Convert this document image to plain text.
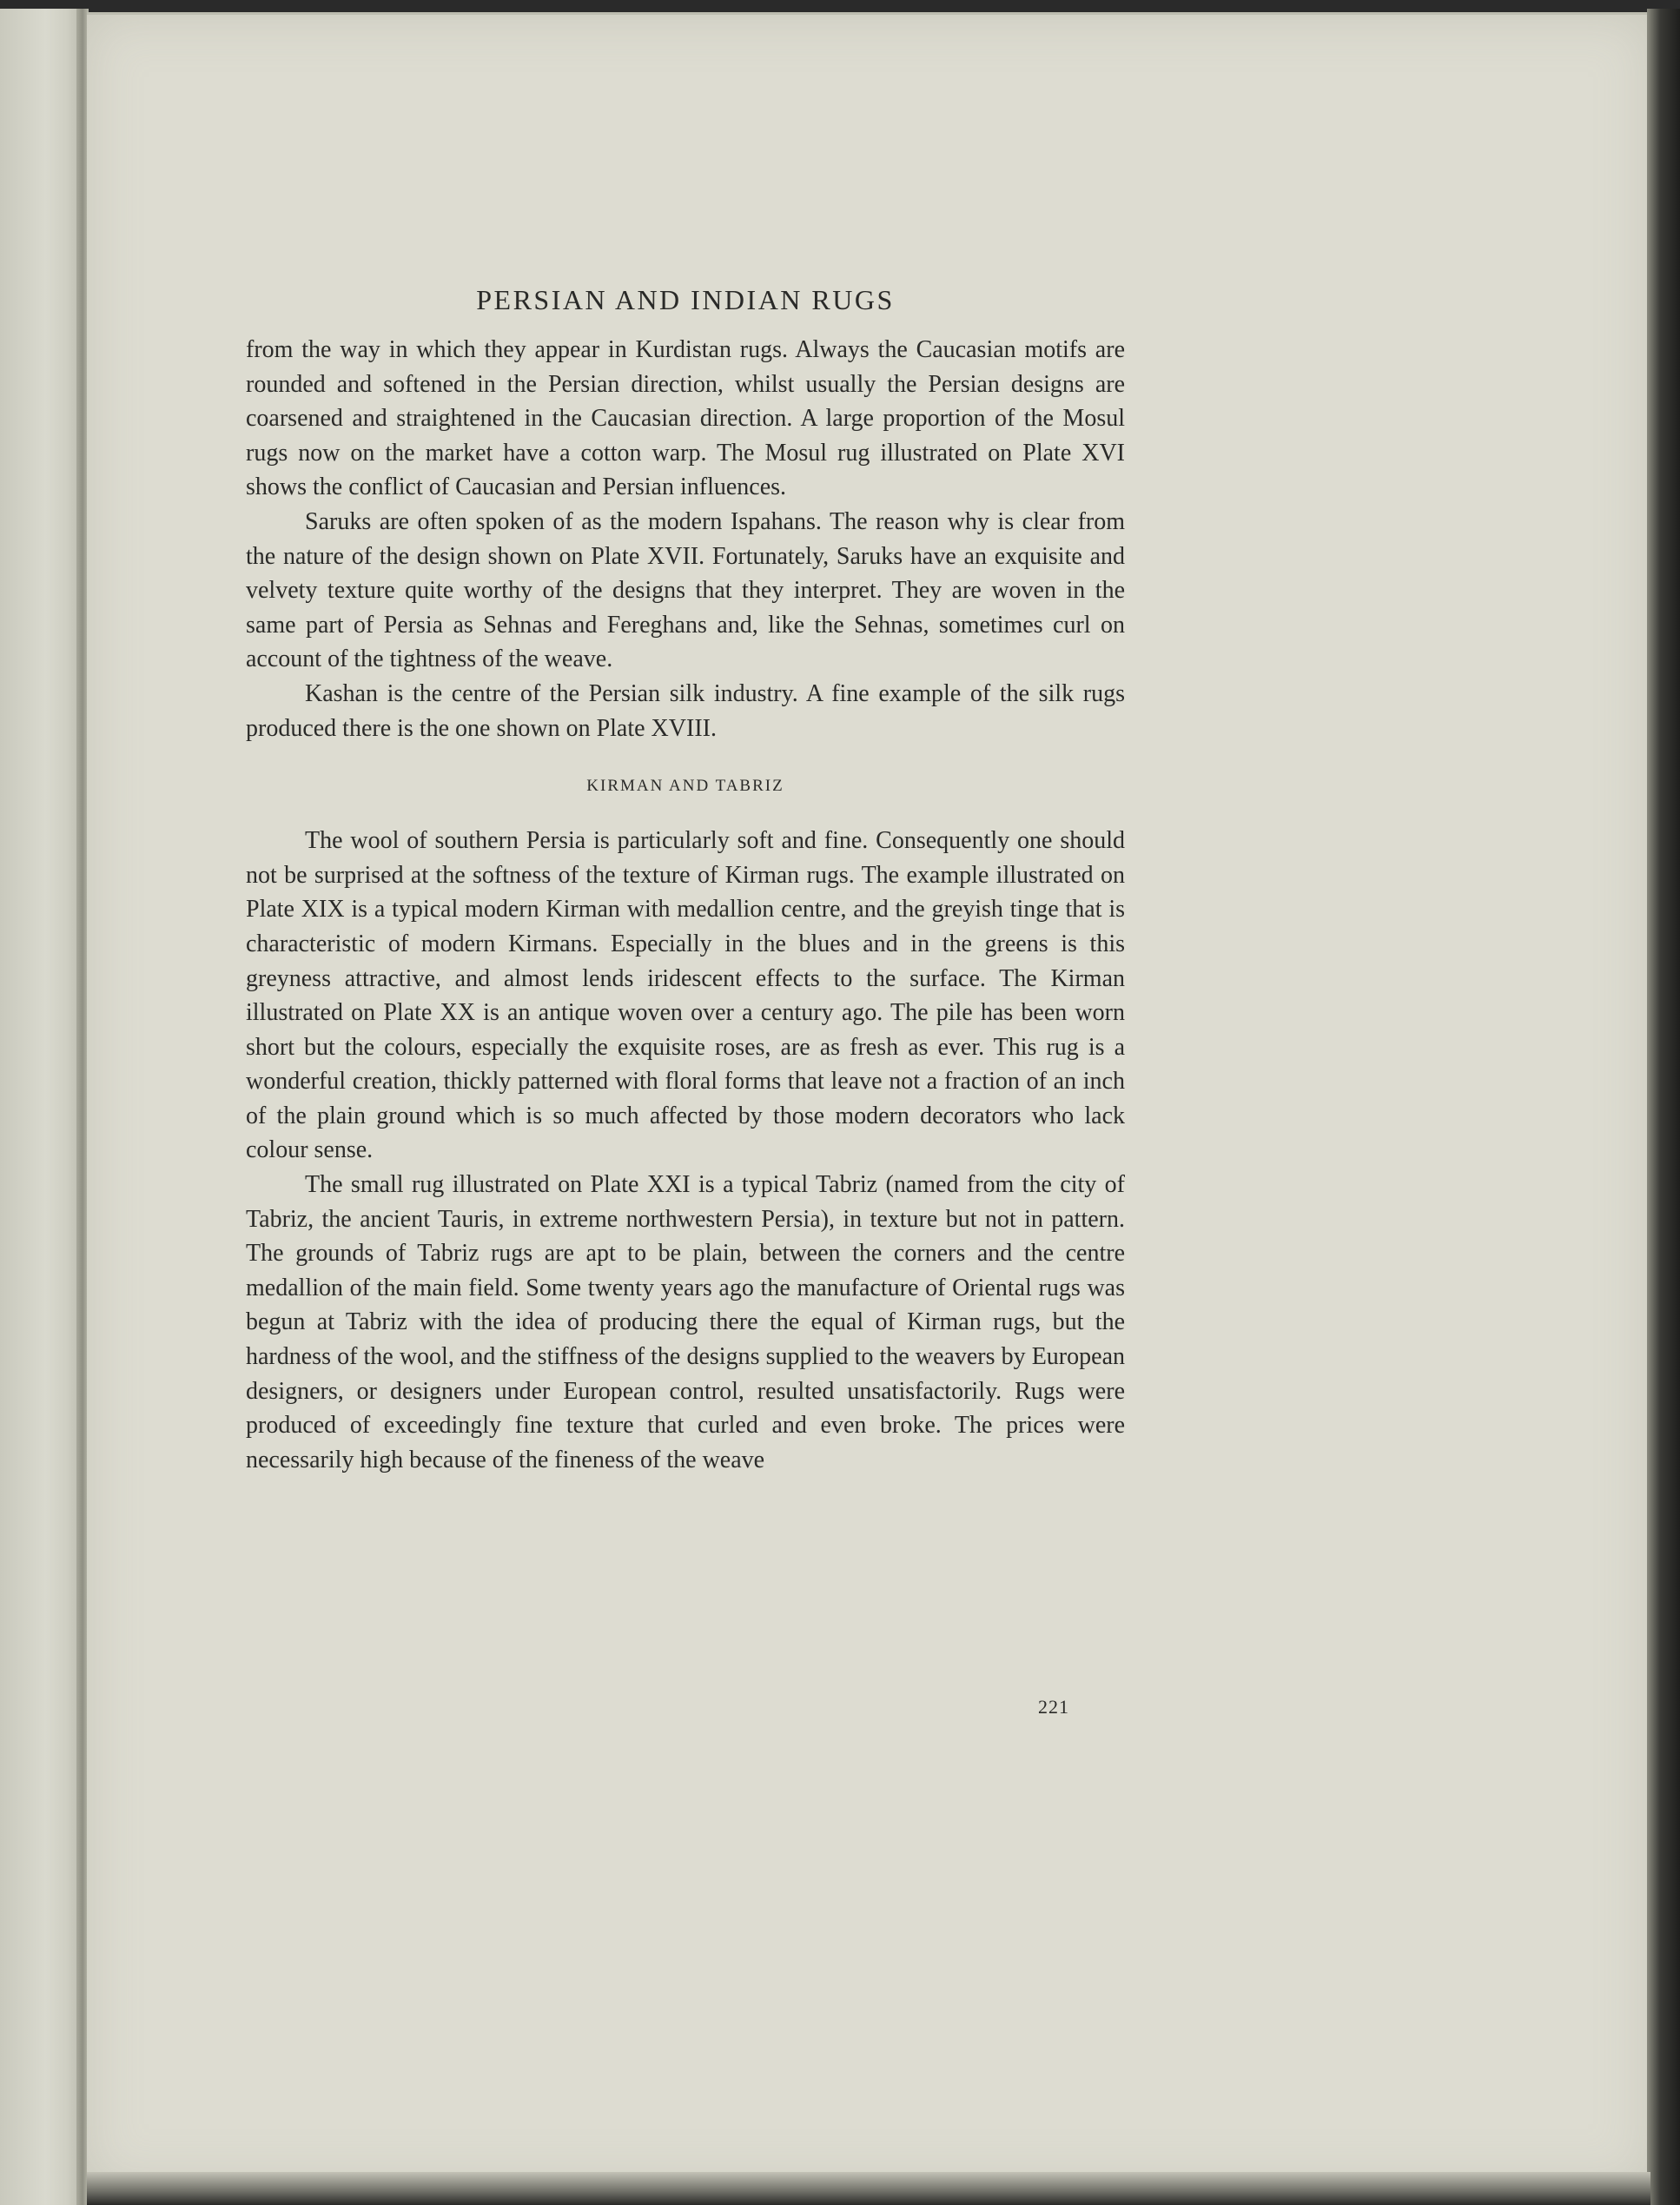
PERSIAN AND INDIAN RUGS

from the way in which they appear in Kurdistan rugs. Always the Caucasian motifs are rounded and softened in the Persian direction, whilst usually the Persian designs are coarsened and straightened in the Caucasian direction. A large proportion of the Mosul rugs now on the market have a cotton warp. The Mosul rug illustrated on Plate XVI shows the conflict of Caucasian and Persian influences.

Saruks are often spoken of as the modern Ispahans. The reason why is clear from the nature of the design shown on Plate XVII. Fortunately, Saruks have an exquisite and velvety texture quite worthy of the designs that they interpret. They are woven in the same part of Persia as Sehnas and Fereghans and, like the Sehnas, sometimes curl on account of the tightness of the weave.

Kashan is the centre of the Persian silk industry. A fine example of the silk rugs produced there is the one shown on Plate XVIII.

KIRMAN AND TABRIZ

The wool of southern Persia is particularly soft and fine. Consequently one should not be surprised at the softness of the texture of Kirman rugs. The example illustrated on Plate XIX is a typical modern Kirman with medallion centre, and the greyish tinge that is characteristic of modern Kirmans. Especially in the blues and in the greens is this greyness attractive, and almost lends iridescent effects to the surface. The Kirman illustrated on Plate XX is an antique woven over a century ago. The pile has been worn short but the colours, especially the exquisite roses, are as fresh as ever. This rug is a wonderful creation, thickly patterned with floral forms that leave not a fraction of an inch of the plain ground which is so much affected by those modern decorators who lack colour sense.

The small rug illustrated on Plate XXI is a typical Tabriz (named from the city of Tabriz, the ancient Tauris, in extreme northwestern Persia), in texture but not in pattern. The grounds of Tabriz rugs are apt to be plain, between the corners and the centre medallion of the main field. Some twenty years ago the manufacture of Oriental rugs was begun at Tabriz with the idea of producing there the equal of Kirman rugs, but the hardness of the wool, and the stiffness of the designs supplied to the weavers by European designers, or designers under European control, resulted unsatisfactorily. Rugs were produced of exceedingly fine texture that curled and even broke. The prices were necessarily high because of the fineness of the weave

221
